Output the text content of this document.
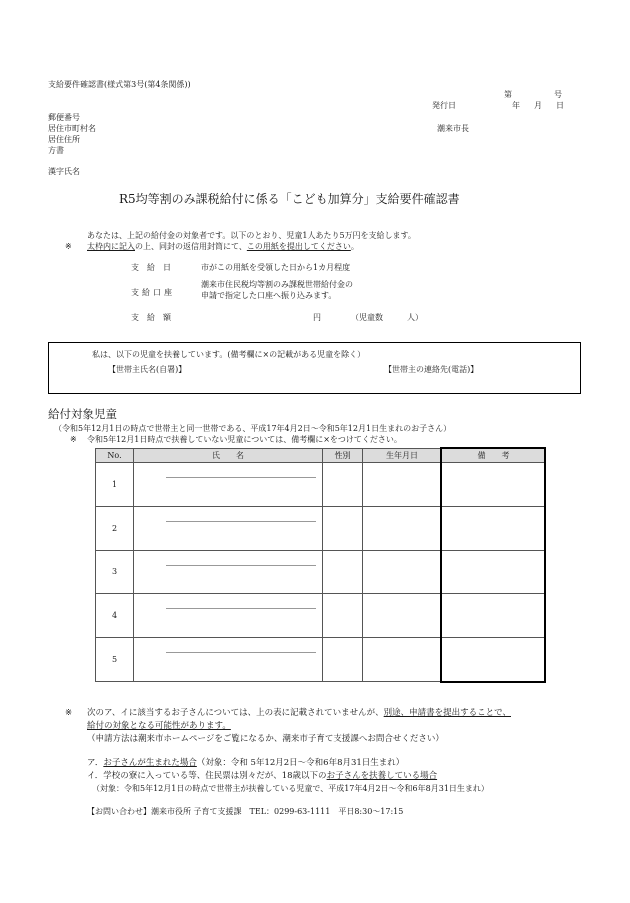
支給要件確認書(様式第3号(第4条関係))
第	号
発行日	年 月 日
郵便番号
居住市町村名
居住住所
方書
潮来市長
漢字氏名
R5均等割のみ課税給付に係る「こども加算分」支給要件確認書
あなたは、上記の給付金の対象者です。以下のとおり、児童1人あたり5万円を支給します。
※ 太枠内に記入の上、同封の返信用封筒にて、この用紙を提出してください。
支　給　日	市がこの用紙を受領した日から1カ月程度
支給口座
潮来市住民税均等割のみ課税世帯給付金の
申請で指定した口座へ振り込みます。
支　給　額	円	（児童数　　　人）
私は、以下の児童を扶養しています。(備考欄に×の記載がある児童を除く）
【世帯主氏名(自署)】	【世帯主の連絡先(電話)】
給付対象児童
（令和5年12月1日の時点で世帯主と同一世帯である、平成17年4月2日～令和5年12月1日生まれのお子さん）
※ 令和5年12月1日時点で扶養していない児童については、備考欄に×をつけてください。
No.	氏　　名	性別	生年月日	備　　考
1	

2	

3	

4	

5	

※ 次のア、イに該当するお子さんについては、上の表に記載されていませんが、別途、申請書を提出することで、
給付の対象となる可能性があります。
（申請方法は潮来市ホームページをご覧になるか、潮来市子育て支援課へお問合せください）
ア．お子さんが生まれた場合（対象：令和 5年12月2日～令和6年8月31日生まれ）
イ．学校の寮に入っている等、住民票は別々だが、18歳以下のお子さんを扶養している場合
（対象：令和5年12月1日の時点で世帯主が扶養している児童で、平成17年4月2日～令和6年8月31日生まれ）
【お問い合わせ】潮来市役所 子育て支援課　TEL：0299-63-1111　平日8:30～17:15
